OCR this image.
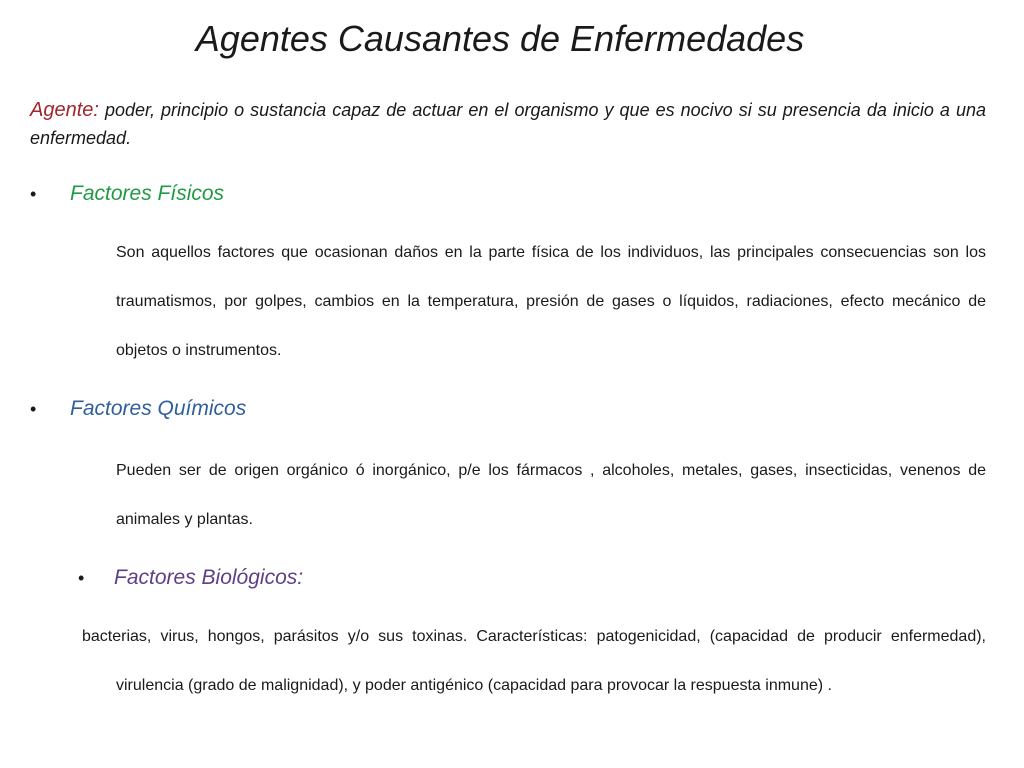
Agentes Causantes de Enfermedades
Agente: poder, principio o sustancia capaz de actuar en el organismo y que es nocivo si su presencia da inicio a una enfermedad.
•	Factores Físicos
Son aquellos factores que ocasionan daños en la parte física de los individuos, las principales consecuencias son los traumatismos, por golpes, cambios en la temperatura, presión de gases o líquidos, radiaciones, efecto mecánico de objetos o instrumentos.
•	Factores Químicos
Pueden ser de origen orgánico ó inorgánico, p/e los fármacos , alcoholes, metales, gases, insecticidas, venenos de animales y plantas.
•	Factores Biológicos:
bacterias, virus, hongos, parásitos y/o sus toxinas. Características: patogenicidad, (capacidad de producir enfermedad), virulencia (grado de malignidad), y poder antigénico (capacidad para provocar la respuesta inmune) .
